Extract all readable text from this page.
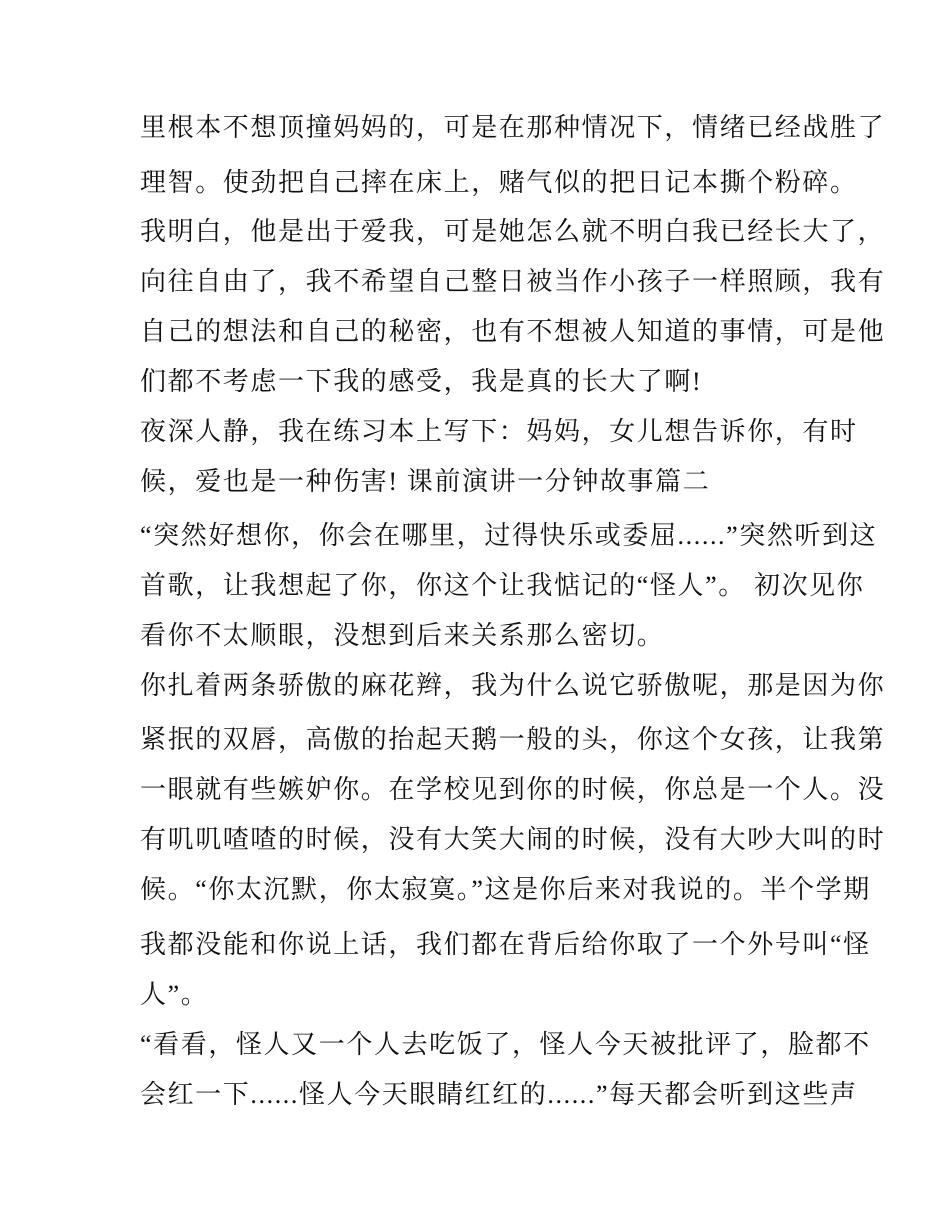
里根本不想顶撞妈妈的，可是在那种情况下，情绪已经战胜了
理智。使劲把自己摔在床上，赌气似的把日记本撕个粉碎。
我明白，他是出于爱我，可是她怎么就不明白我已经长大了，
向往自由了，我不希望自己整日被当作小孩子一样照顾，我有
自己的想法和自己的秘密，也有不想被人知道的事情，可是他
们都不考虑一下我的感受，我是真的长大了啊!
夜深人静，我在练习本上写下：妈妈，女儿想告诉你，有时
候，爱也是一种伤害! 课前演讲一分钟故事篇二
“突然好想你，你会在哪里，过得快乐或委屈......”突然听到这
首歌，让我想起了你，你这个让我惦记的“怪人”。 初次见你
看你不太顺眼，没想到后来关系那么密切。
你扎着两条骄傲的麻花辫，我为什么说它骄傲呢，那是因为你
紧抿的双唇，高傲的抬起天鹅一般的头，你这个女孩，让我第
一眼就有些嫉妒你。在学校见到你的时候，你总是一个人。没
有叽叽喳喳的时候，没有大笑大闹的时候，没有大吵大叫的时
候。“你太沉默，你太寂寞。”这是你后来对我说的。半个学期
我都没能和你说上话，我们都在背后给你取了一个外号叫“怪
人”。
“看看，怪人又一个人去吃饭了，怪人今天被批评了，脸都不
会红一下......怪人今天眼睛红红的......”每天都会听到这些声
